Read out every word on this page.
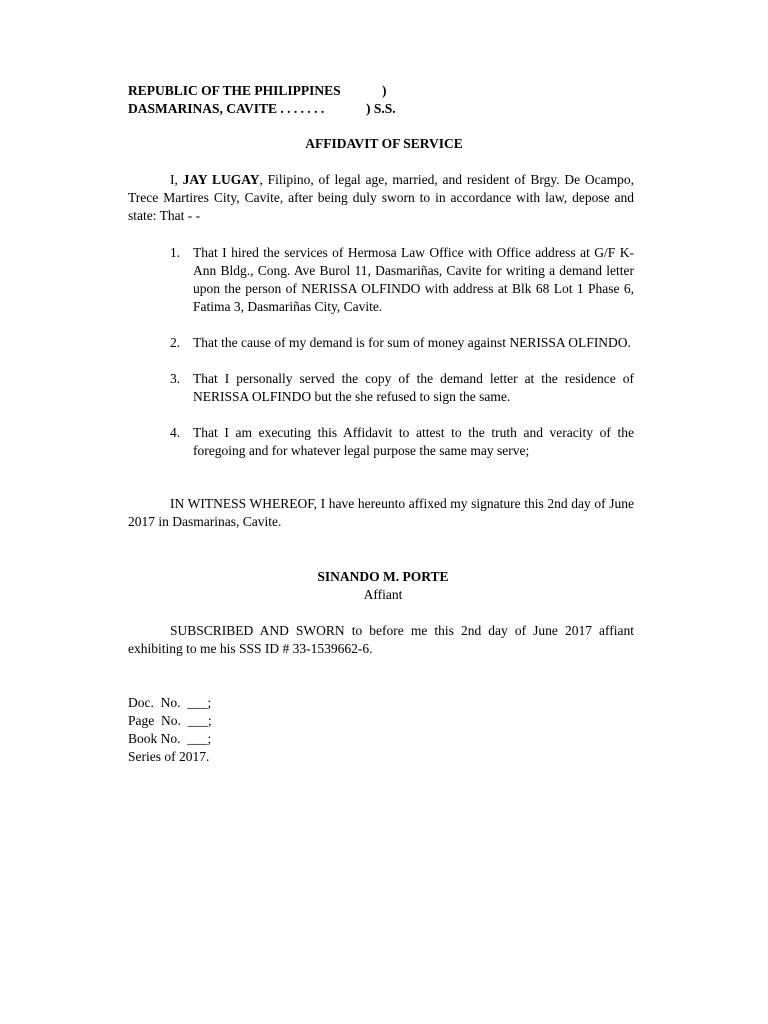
REPUBLIC OF THE PHILIPPINES	)
DASMARINAS, CAVITE . . . . . . .	) S.S.
AFFIDAVIT OF SERVICE
I, JAY LUGAY, Filipino, of legal age, married, and resident of Brgy. De Ocampo, Trece Martires City, Cavite, after being duly sworn to in accordance with law, depose and state: That - -
1. That I hired the services of Hermosa Law Office with Office address at G/F K-Ann Bldg., Cong. Ave Burol 11, Dasmariñas, Cavite for writing a demand letter upon the person of NERISSA OLFINDO with address at Blk 68 Lot 1 Phase 6, Fatima 3, Dasmariñas City, Cavite.
2. That the cause of my demand is for sum of money against NERISSA OLFINDO.
3. That I personally served the copy of the demand letter at the residence of NERISSA OLFINDO but the she refused to sign the same.
4. That I am executing this Affidavit to attest to the truth and veracity of the foregoing and for whatever legal purpose the same may serve;
IN WITNESS WHEREOF, I have hereunto affixed my signature this 2nd day of June 2017 in Dasmarinas, Cavite.
SINANDO M. PORTE
Affiant
SUBSCRIBED AND SWORN to before me this 2nd day of June 2017 affiant exhibiting to me his SSS ID # 33-1539662-6.
Doc.  No.  ___;
Page  No.  ___;
Book No.  ___;
Series of 2017.
